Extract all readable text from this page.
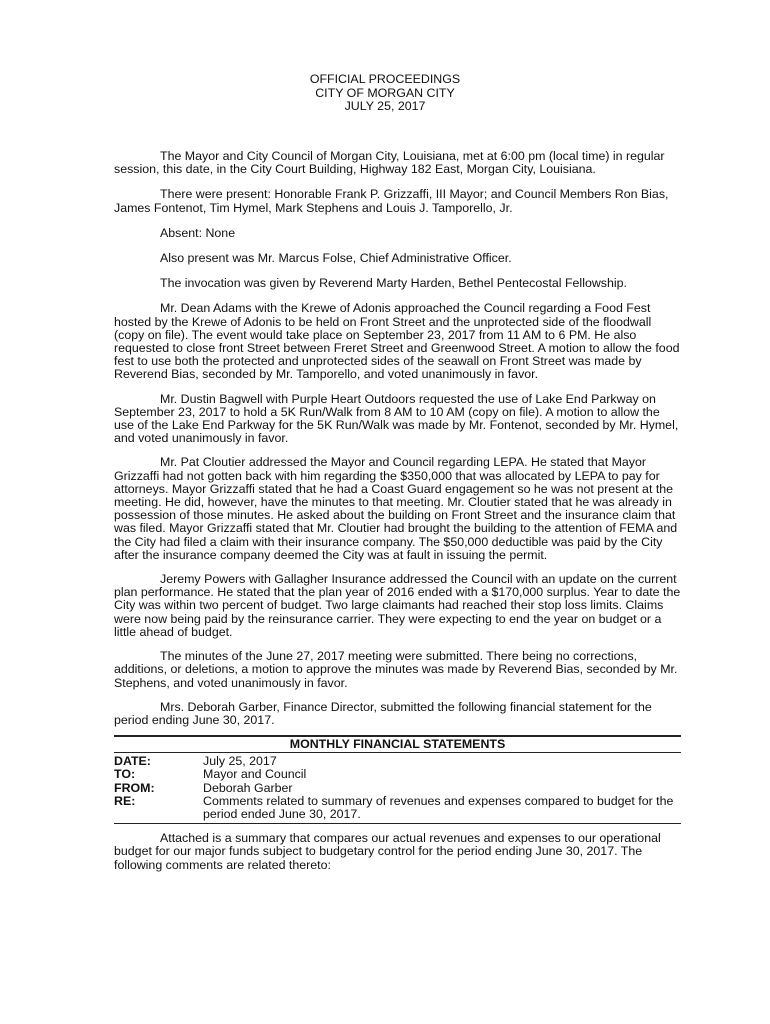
OFFICIAL PROCEEDINGS
CITY OF MORGAN CITY
JULY 25, 2017

The Mayor and City Council of Morgan City, Louisiana, met at 6:00 pm (local time) in regular session, this date, in the City Court Building, Highway 182 East, Morgan City, Louisiana.

There were present: Honorable Frank P. Grizzaffi, III Mayor; and Council Members Ron Bias, James Fontenot, Tim Hymel, Mark Stephens and Louis J. Tamporello, Jr.

Absent: None

Also present was Mr. Marcus Folse, Chief Administrative Officer.

The invocation was given by Reverend Marty Harden, Bethel Pentecostal Fellowship.

Mr. Dean Adams with the Krewe of Adonis approached the Council regarding a Food Fest hosted by the Krewe of Adonis to be held on Front Street and the unprotected side of the floodwall (copy on file). The event would take place on September 23, 2017 from 11 AM to 6 PM. He also requested to close front Street between Freret Street and Greenwood Street. A motion to allow the food fest to use both the protected and unprotected sides of the seawall on Front Street was made by Reverend Bias, seconded by Mr. Tamporello, and voted unanimously in favor.

Mr. Dustin Bagwell with Purple Heart Outdoors requested the use of Lake End Parkway on September 23, 2017 to hold a 5K Run/Walk from 8 AM to 10 AM (copy on file). A motion to allow the use of the Lake End Parkway for the 5K Run/Walk was made by Mr. Fontenot, seconded by Mr. Hymel, and voted unanimously in favor.

Mr. Pat Cloutier addressed the Mayor and Council regarding LEPA. He stated that Mayor Grizzaffi had not gotten back with him regarding the $350,000 that was allocated by LEPA to pay for attorneys. Mayor Grizzaffi stated that he had a Coast Guard engagement so he was not present at the meeting. He did, however, have the minutes to that meeting. Mr. Cloutier stated that he was already in possession of those minutes. He asked about the building on Front Street and the insurance claim that was filed. Mayor Grizzaffi stated that Mr. Cloutier had brought the building to the attention of FEMA and the City had filed a claim with their insurance company. The $50,000 deductible was paid by the City after the insurance company deemed the City was at fault in issuing the permit.

Jeremy Powers with Gallagher Insurance addressed the Council with an update on the current plan performance. He stated that the plan year of 2016 ended with a $170,000 surplus. Year to date the City was within two percent of budget. Two large claimants had reached their stop loss limits. Claims were now being paid by the reinsurance carrier. They were expecting to end the year on budget or a little ahead of budget.

The minutes of the June 27, 2017 meeting were submitted. There being no corrections, additions, or deletions, a motion to approve the minutes was made by Reverend Bias, seconded by Mr. Stephens, and voted unanimously in favor.

Mrs. Deborah Garber, Finance Director, submitted the following financial statement for the period ending June 30, 2017.

MONTHLY FINANCIAL STATEMENTS
DATE:	July 25, 2017
TO:	Mayor and Council
FROM:	Deborah Garber
RE:	Comments related to summary of revenues and expenses compared to budget for the period ended June 30, 2017.

Attached is a summary that compares our actual revenues and expenses to our operational budget for our major funds subject to budgetary control for the period ending June 30, 2017. The following comments are related thereto:
